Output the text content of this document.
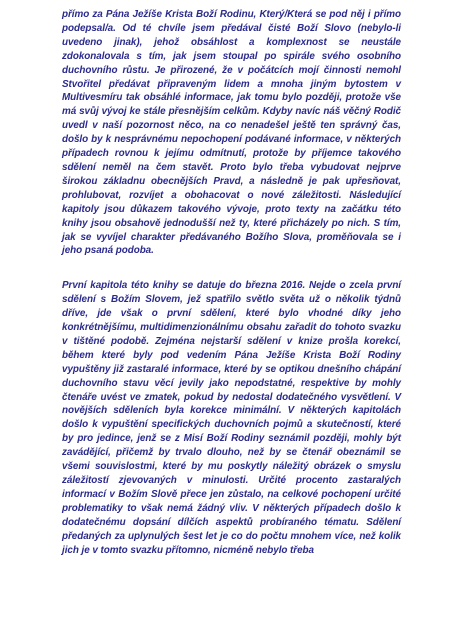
přímo za Pána Ježíše Krista Boží Rodinu, Který/Která se pod něj i přímo podepsal/a. Od té chvíle jsem předával čisté Boží Slovo (nebylo-li uvedeno jinak), jehož obsáhlost a komplexnost se neustále zdokonalovala s tím, jak jsem stoupal po spirále svého osobního duchovního růstu. Je přirozené, že v počátcích mojí činnosti nemohl Stvořitel předávat připraveným lidem a mnoha jiným bytostem v Multivesmíru tak obsáhlé informace, jak tomu bylo později, protože vše má svůj vývoj ke stále přesnějším celkům. Kdyby navíc náš věčný Rodič uvedl v naší pozornost něco, na co nenadešel ještě ten správný čas, došlo by k nesprávnému nepochopení podávané informace, v některých případech rovnou k jejímu odmítnutí, protože by příjemce takového sdělení neměl na čem stavět. Proto bylo třeba vybudovat nejprve širokou základnu obecnějších Pravd, a následně je pak upřesňovat, prohlubovat, rozvíjet a obohacovat o nové záležitosti. Následující kapitoly jsou důkazem takového vývoje, proto texty na začátku této knihy jsou obsahově jednodušší než ty, které přicházely po nich. S tím, jak se vyvíjel charakter předávaného Božího Slova, proměňovala se i jeho psaná podoba.

První kapitola této knihy se datuje do března 2016. Nejde o zcela první sdělení s Božím Slovem, jež spatřilo světlo světa už o několik týdnů dříve, jde však o první sdělení, které bylo vhodné díky jeho konkrétnějšímu, multidimenzionálnímu obsahu zařadit do tohoto svazku v tištěné podobě. Zejména nejstarší sdělení v knize prošla korekcí, během které byly pod vedením Pána Ježíše Krista Boží Rodiny vypuštěny již zastaralé informace, které by se optikou dnešního chápání duchovního stavu věcí jevily jako nepodstatné, respektive by mohly čtenáře uvést ve zmatek, pokud by nedostal dodatečného vysvětlení. V novějších sděleních byla korekce minimální. V některých kapitolách došlo k vypuštění specifických duchovních pojmů a skutečností, které by pro jedince, jenž se z Misí Boží Rodiny seznámil později, mohly být zavádějící, přičemž by trvalo dlouho, než by se čtenář obeznámil se všemi souvislostmi, které by mu poskytly náležitý obrázek o smyslu záležitostí zjevovaných v minulosti. Určité procento zastaralých informací v Božím Slově přece jen zůstalo, na celkové pochopení určité problematiky to však nemá žádný vliv. V některých případech došlo k dodatečnému dopsání dílčích aspektů probíraného tématu. Sdělení předaných za uplynulých šest let je co do počtu mnohem více, než kolik jich je v tomto svazku přítomno, nicméně nebylo třeba
